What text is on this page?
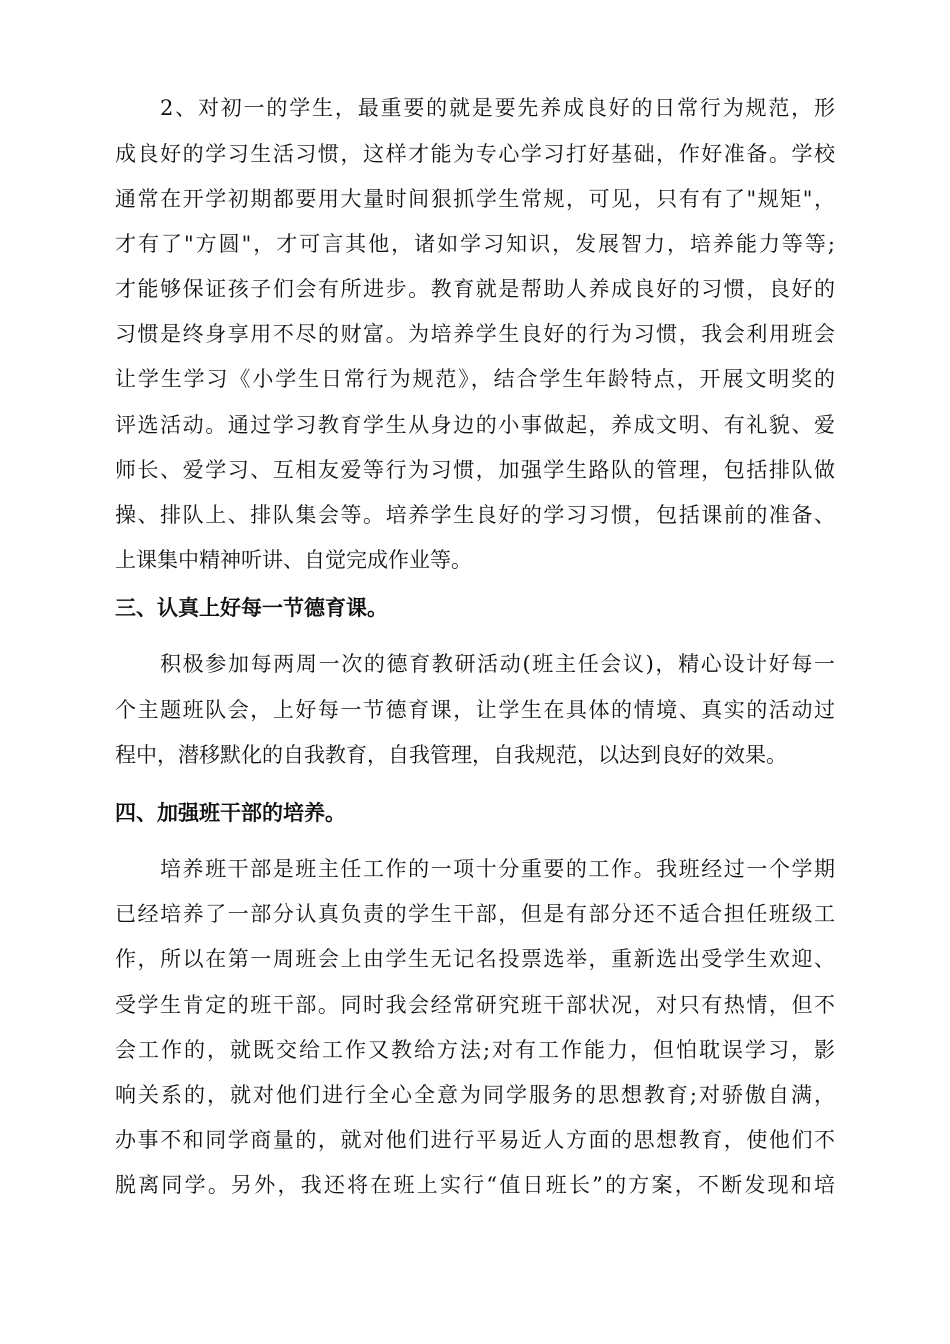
2、对初一的学生，最重要的就是要先养成良好的日常行为规范，形
成良好的学习生活习惯，这样才能为专心学习打好基础，作好准备。学校
通常在开学初期都要用大量时间狠抓学生常规，可见，只有有了"规矩"，
才有了"方圆"，才可言其他，诸如学习知识，发展智力，培养能力等等;
才能够保证孩子们会有所进步。教育就是帮助人养成良好的习惯，良好的
习惯是终身享用不尽的财富。为培养学生良好的行为习惯，我会利用班会
让学生学习《小学生日常行为规范》，结合学生年龄特点，开展文明奖的
评选活动。通过学习教育学生从身边的小事做起，养成文明、有礼貌、爱
师长、爱学习、互相友爱等行为习惯，加强学生路队的管理，包括排队做
操、排队上、排队集会等。培养学生良好的学习习惯，包括课前的准备、
上课集中精神听讲、自觉完成作业等。
三、认真上好每一节德育课。
积极参加每两周一次的德育教研活动(班主任会议)，精心设计好每一
个主题班队会，上好每一节德育课，让学生在具体的情境、真实的活动过
程中，潜移默化的自我教育，自我管理，自我规范，以达到良好的效果。
四、加强班干部的培养。
培养班干部是班主任工作的一项十分重要的工作。我班经过一个学期
已经培养了一部分认真负责的学生干部，但是有部分还不适合担任班级工
作，所以在第一周班会上由学生无记名投票选举，重新选出受学生欢迎、
受学生肯定的班干部。同时我会经常研究班干部状况，对只有热情，但不
会工作的，就既交给工作又教给方法;对有工作能力，但怕耽误学习，影
响关系的，就对他们进行全心全意为同学服务的思想教育;对骄傲自满，
办事不和同学商量的，就对他们进行平易近人方面的思想教育，使他们不
脱离同学。另外，我还将在班上实行“值日班长”的方案，不断发现和培
